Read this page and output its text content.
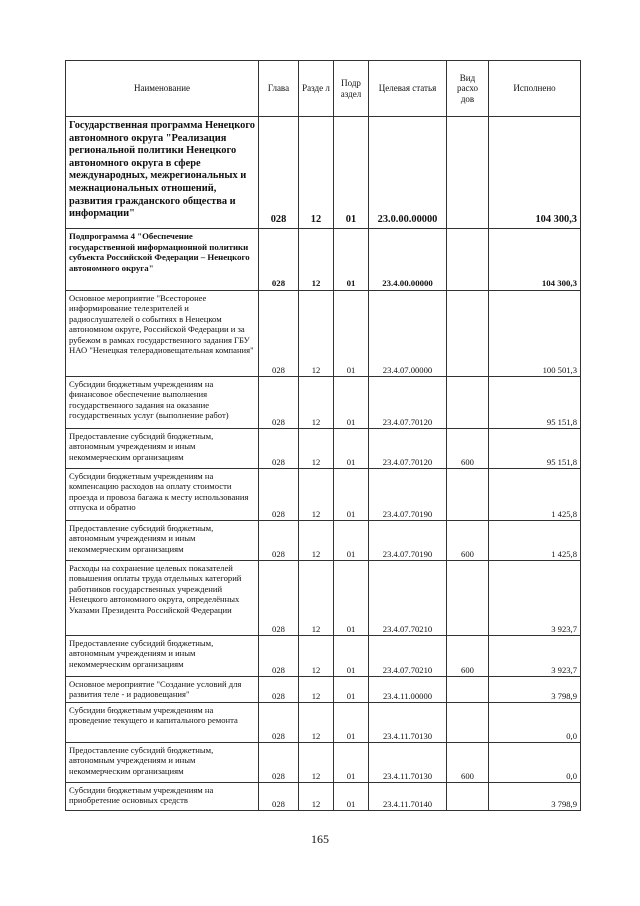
Наименование	Глава	Разде л	Подр аздел	Целевая статья	Вид расхо дов	Исполнено
Государственная программа Ненецкого автономного округа "Реализация региональной политики Ненецкого автономного округа в сфере международных, межрегиональных и межнациональных отношений, развития гражданского общества и информации"	028	12	01	23.0.00.00000		104 300,3
Подпрограмма 4 "Обеспечение государственной информационной политики субъекта Российской Федерации – Ненецкого автономного округа"	028	12	01	23.4.00.00000		104 300,3
Основное мероприятие "Всесторонее информирование телезрителей и радиослушателей о событиях в Ненецком автономном округе, Российской Федерации и за рубежом в рамках государственного задания ГБУ НАО "Ненецкая телерадиовещательная компания"	028	12	01	23.4.07.00000		100 501,3
Субсидии бюджетным учреждениям на финансовое обеспечение выполнения государственного задания на оказание государственных услуг (выполнение работ)	028	12	01	23.4.07.70120		95 151,8
Предоставление субсидий бюджетным, автономным учреждениям и иным некоммерческим организациям	028	12	01	23.4.07.70120	600	95 151,8
Субсидии бюджетным учреждениям на компенсацию расходов на оплату стоимости проезда и провоза багажа к месту использования отпуска и обратно	028	12	01	23.4.07.70190		1 425,8
Предоставление субсидий бюджетным, автономным учреждениям и иным некоммерческим организациям	028	12	01	23.4.07.70190	600	1 425,8
Расходы на сохранение целевых показателей повышения оплаты труда отдельных категорий работников государственных учреждений Ненецкого автономного округа, определённых Указами Президента Российской Федерации	028	12	01	23.4.07.70210		3 923,7
Предоставление субсидий бюджетным, автономным учреждениям и иным некоммерческим организациям	028	12	01	23.4.07.70210	600	3 923,7
Основное мероприятие "Создание условий для развития теле - и радиовещания"	028	12	01	23.4.11.00000		3 798,9
Субсидии бюджетным учреждениям на проведение текущего и капитального ремонта	028	12	01	23.4.11.70130		0,0
Предоставление субсидий бюджетным, автономным учреждениям и иным некоммерческим организациям	028	12	01	23.4.11.70130	600	0,0
Субсидии бюджетным учреждениям на приобретение основных средств	028	12	01	23.4.11.70140		3 798,9
165
